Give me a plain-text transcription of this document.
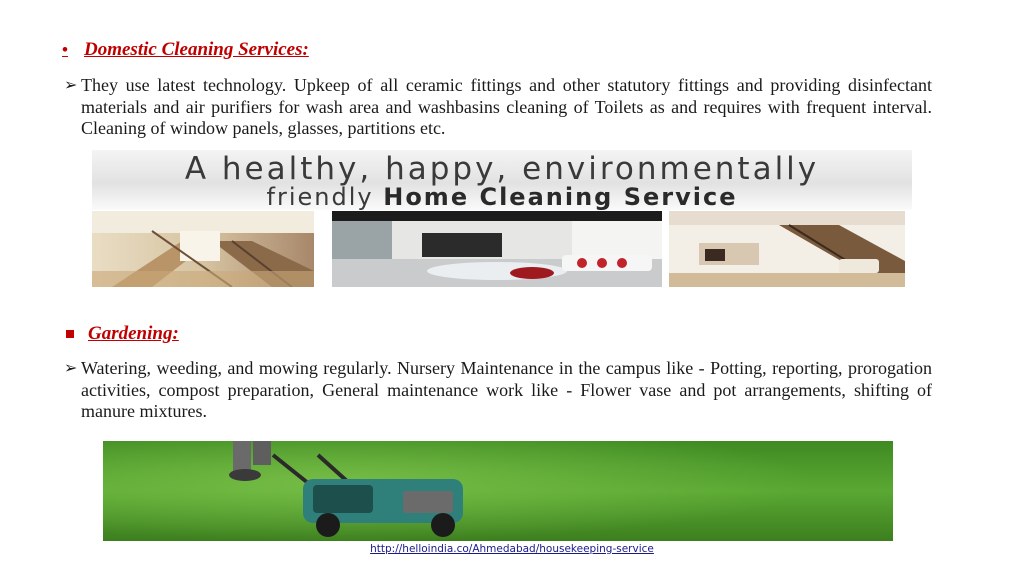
• Domestic Cleaning Services:
➢ They use latest technology. Upkeep of all ceramic fittings and other statutory fittings and providing disinfectant materials and air purifiers for wash area and washbasins cleaning of Toilets as and requires with frequent interval. Cleaning of window panels, glasses, partitions etc.
A healthy, happy, environmentally
friendly Home Cleaning Service
Gardening:
➢ Watering, weeding, and mowing regularly. Nursery Maintenance in the campus like - Potting, reporting, prorogation activities, compost preparation, General maintenance work like - Flower vase and pot arrangements, shifting of manure mixtures.
http://helloindia.co/Ahmedabad/housekeeping-service
